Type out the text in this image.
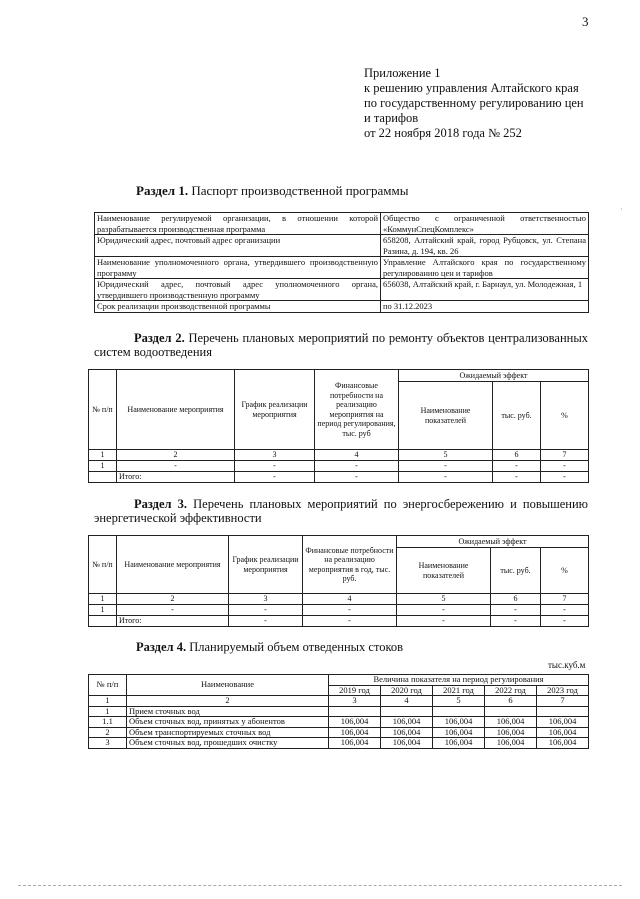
3
Приложение 1
к решению управления Алтайского края
по государственному регулированию цен
и тарифов
от 22 ноября 2018 года № 252
Раздел 1. Паспорт производственной программы
·
Наименование регулируемой организации, в отношении которой разрабатывается производственная программа	Общество с ограниченной ответственностью «КоммунСпецКомплекс»
Юридический адрес, почтовый адрес организации	658208, Алтайский край, город Рубцовск, ул. Степана Разина, д. 194, кв. 26
Наименование уполномоченного органа, утвердившего производственную программу	Управление Алтайского края по государственному регулированию цен и тарифов
Юридический адрес, почтовый адрес уполномоченного органа, утвердившего производственную программу	656038, Алтайский край, г. Барнаул, ул. Молодежная, 1
Срок реализации производственной программы	по 31.12.2023
Раздел 2. Перечень плановых мероприятий по ремонту объектов централизованных систем водоотведения
№ п/п	Наименование мероприятия	График реализации мероприятия	Финансовые потребности на реализацию мероприятия на период регулирования, тыс. руб	Ожидаемый эффект		
				Наименование показателей	тыс. руб.	%
1	2	3	4	5	6	7
1	-	-	-	-	-	-
	Итого:	-	-	-	-	-
Раздел 3. Перечень плановых мероприятий по энергосбережению и повышению энергетической эффективности
№ п/п	Наименование мероприятия	График реализации мероприятия	Финансовые потребности на реализацию мероприятия в год, тыс. руб.	Ожидаемый эффект		
				Наименование показателей	тыс. руб.	%
1	2	3	4	5	6	7
1	-	-	-	-	-	-
	Итого:	-	-	-	-	-
Раздел 4. Планируемый объем отведенных стоков
тыс.куб.м
№ п/п	Наименование	Величина показателя на период регулирования				
		2019 год	2020 год	2021 год	2022 год	2023 год
1	2	3	4	5	6	7
1	Прием сточных вод					
1.1	Объем сточных вод, принятых у абонентов	106,004	106,004	106,004	106,004	106,004
2	Объем транспортируемых сточных вод	106,004	106,004	106,004	106,004	106,004
3	Объем сточных вод, прошедших очистку	106,004	106,004	106,004	106,004	106,004
